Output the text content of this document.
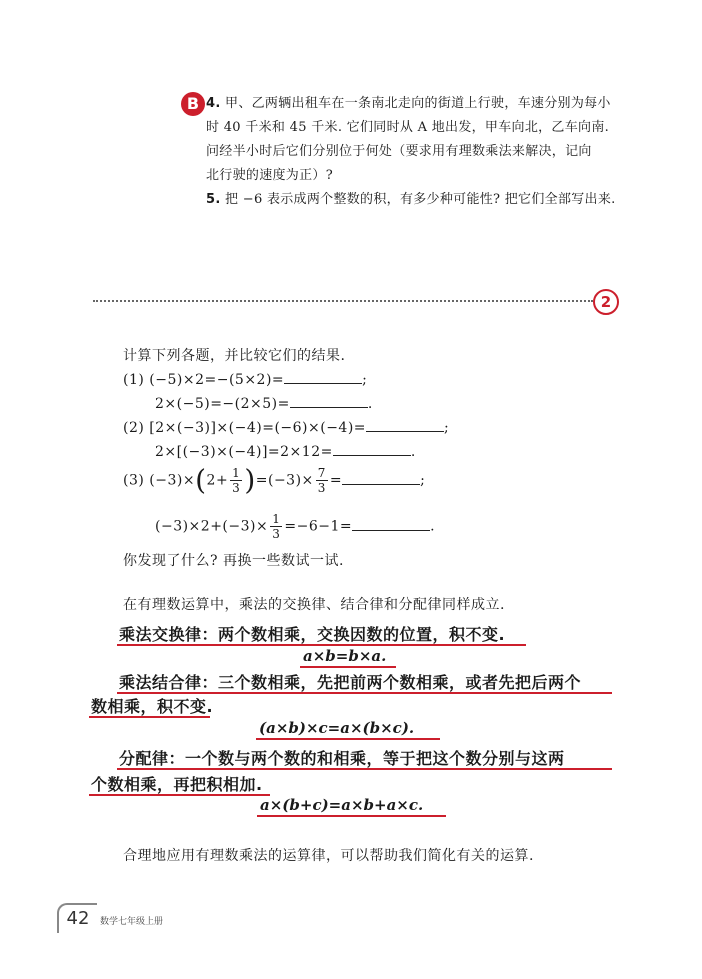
B 4. 甲、乙两辆出租车在一条南北走向的街道上行驶，车速分别为每小
时 40 千米和 45 千米. 它们同时从 A 地出发，甲车向北，乙车向南.
问经半小时后它们分别位于何处（要求用有理数乘法来解决，记向
北行驶的速度为正）?
5. 把 −6 表示成两个整数的积，有多少种可能性? 把它们全部写出来.
2
计算下列各题，并比较它们的结果.
(1) (−5)×2=−(5×2)=	;
2×(−5)=−(2×5)=	.
(2) [2×(−3)]×(−4)=(−6)×(−4)=	;
2×[(−3)×(−4)]=2×12=	.
(3) $(-3)\times(2+ \frac{1}{3} )=(-3)\times \frac{7}{3}$ =	;
$(-3)\times 2+(-3)\times \frac{1}{3} =-6-1=$	.
你发现了什么? 再换一些数试一试.
在有理数运算中，乘法的交换律、结合律和分配律同样成立.
乘法交换律：两个数相乘，交换因数的位置，积不变.
a×b=b×a.
乘法结合律：三个数相乘，先把前两个数相乘，或者先把后两个
数相乘，积不变.
(a×b)×c=a×(b×c).
分配律：一个数与两个数的和相乘，等于把这个数分别与这两
个数相乘，再把积相加.
a×(b+c)=a×b+a×c.
合理地应用有理数乘法的运算律，可以帮助我们简化有关的运算.
42	数学七年级上册
